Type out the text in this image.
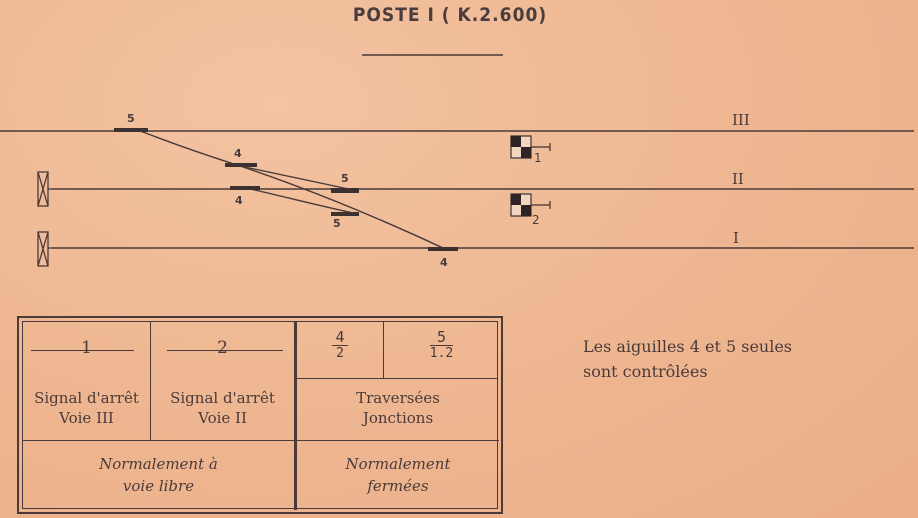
POSTE I ( K.2.600)
5
4
4
5
5
4
1
2
III
II
I
1	2
Signal d'arrêt
Voie III
Signal d'arrêt
Voie II
$\frac{4}{2}$	$\frac{5}{1.2}$
Traversées
Jonctions
Normalement à
voie libre
Normalement
fermées
Les aiguilles 4 et 5 seules
sont contrôlées
